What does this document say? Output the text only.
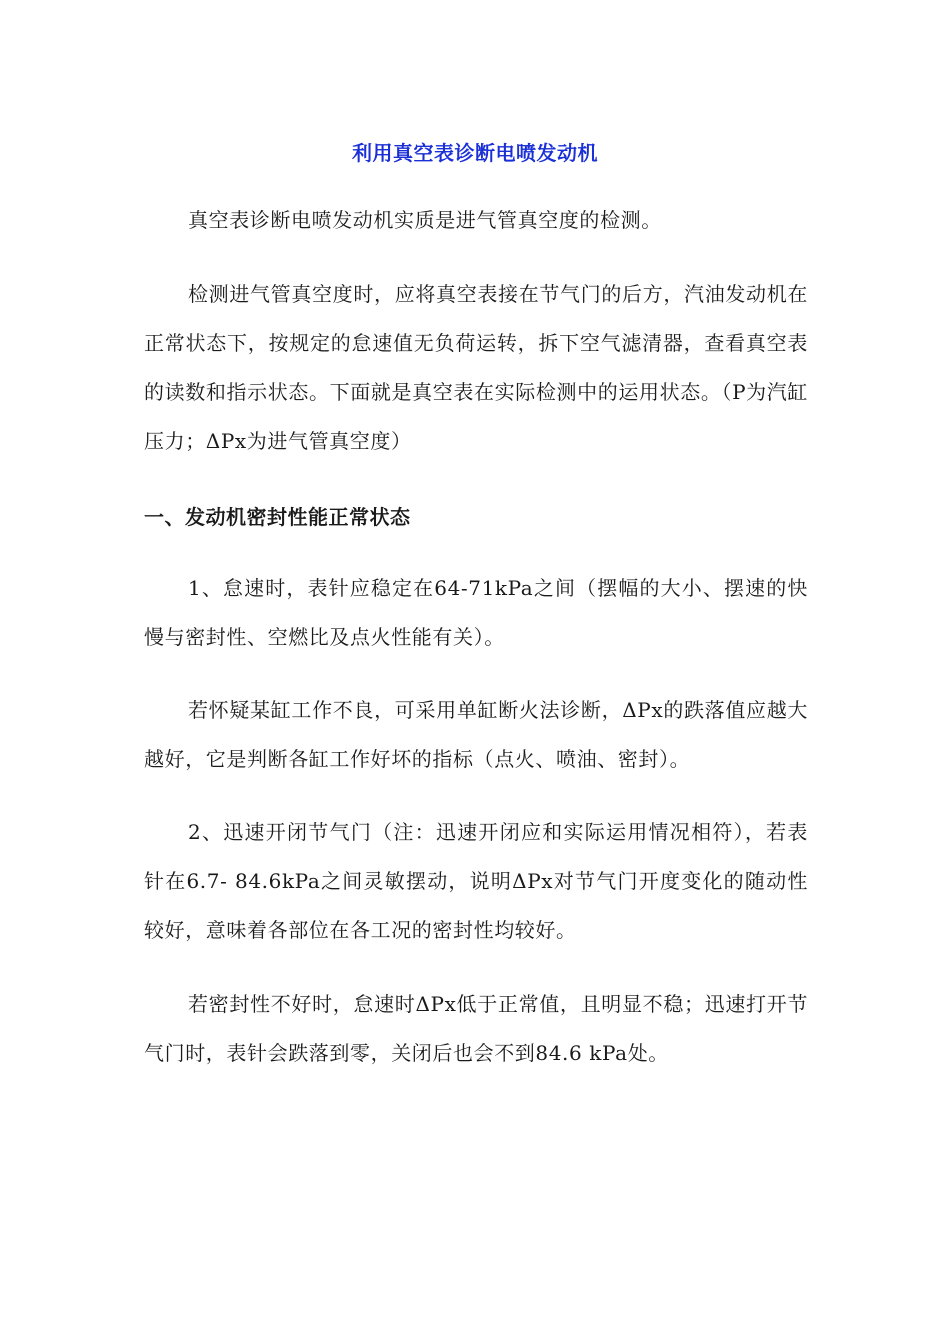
利用真空表诊断电喷发动机

真空表诊断电喷发动机实质是进气管真空度的检测。

检测进气管真空度时，应将真空表接在节气门的后方，汽油发动机在正常状态下，按规定的怠速值无负荷运转，拆下空气滤清器，查看真空表的读数和指示状态。下面就是真空表在实际检测中的运用状态。（P为汽缸压力；ΔPx为进气管真空度）

一、发动机密封性能正常状态

1、怠速时，表针应稳定在64-71kPa之间（摆幅的大小、摆速的快慢与密封性、空燃比及点火性能有关）。

若怀疑某缸工作不良，可采用单缸断火法诊断，ΔPx的跌落值应越大越好，它是判断各缸工作好坏的指标（点火、喷油、密封）。

2、迅速开闭节气门（注：迅速开闭应和实际运用情况相符），若表针在6.7- 84.6kPa之间灵敏摆动，说明ΔPx对节气门开度变化的随动性较好，意味着各部位在各工况的密封性均较好。

若密封性不好时，怠速时ΔPx低于正常值，且明显不稳；迅速打开节气门时，表针会跌落到零，关闭后也会不到84.6 kPa处。
